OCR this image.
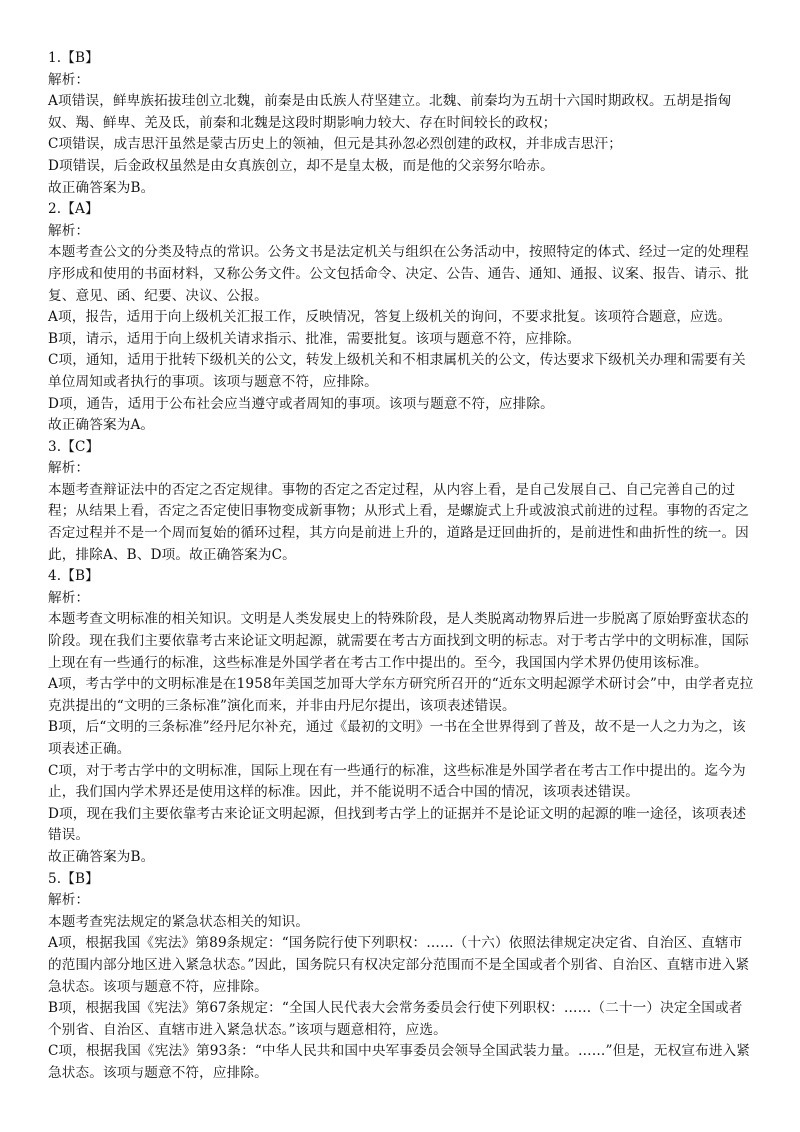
1.【B】
解析：
A项错误，鲜卑族拓拔珪创立北魏，前秦是由氐族人苻坚建立。北魏、前秦均为五胡十六国时期政权。五胡是指匈奴、羯、鲜卑、羌及氐，前秦和北魏是这段时期影响力较大、存在时间较长的政权；
C项错误，成吉思汗虽然是蒙古历史上的领袖，但元是其孙忽必烈创建的政权，并非成吉思汗；
D项错误，后金政权虽然是由女真族创立，却不是皇太极，而是他的父亲努尔哈赤。
故正确答案为B。
2.【A】
解析：
本题考查公文的分类及特点的常识。公务文书是法定机关与组织在公务活动中，按照特定的体式、经过一定的处理程序形成和使用的书面材料，又称公务文件。公文包括命令、决定、公告、通告、通知、通报、议案、报告、请示、批复、意见、函、纪要、决议、公报。
A项，报告，适用于向上级机关汇报工作，反映情况，答复上级机关的询问，不要求批复。该项符合题意，应选。
B项，请示，适用于向上级机关请求指示、批准，需要批复。该项与题意不符，应排除。
C项，通知，适用于批转下级机关的公文，转发上级机关和不相隶属机关的公文，传达要求下级机关办理和需要有关单位周知或者执行的事项。该项与题意不符，应排除。
D项，通告，适用于公布社会应当遵守或者周知的事项。该项与题意不符，应排除。
故正确答案为A。
3.【C】
解析：
本题考查辩证法中的否定之否定规律。事物的否定之否定过程，从内容上看，是自己发展自己、自己完善自己的过程；从结果上看，否定之否定使旧事物变成新事物；从形式上看，是螺旋式上升或波浪式前进的过程。事物的否定之否定过程并不是一个周而复始的循环过程，其方向是前进上升的，道路是迂回曲折的，是前进性和曲折性的统一。因此，排除A、B、D项。故正确答案为C。
4.【B】
解析：
本题考查文明标准的相关知识。文明是人类发展史上的特殊阶段，是人类脱离动物界后进一步脱离了原始野蛮状态的阶段。现在我们主要依靠考古来论证文明起源，就需要在考古方面找到文明的标志。对于考古学中的文明标准，国际上现在有一些通行的标准，这些标准是外国学者在考古工作中提出的。至今，我国国内学术界仍使用该标准。
A项，考古学中的文明标准是在1958年美国芝加哥大学东方研究所召开的“近东文明起源学术研讨会”中，由学者克拉克洪提出的“文明的三条标准”演化而来，并非由丹尼尔提出，该项表述错误。
B项，后“文明的三条标准”经丹尼尔补充，通过《最初的文明》一书在全世界得到了普及，故不是一人之力为之，该项表述正确。
C项，对于考古学中的文明标准，国际上现在有一些通行的标准，这些标准是外国学者在考古工作中提出的。迄今为止，我们国内学术界还是使用这样的标准。因此，并不能说明不适合中国的情况，该项表述错误。
D项，现在我们主要依靠考古来论证文明起源，但找到考古学上的证据并不是论证文明的起源的唯一途径，该项表述错误。
故正确答案为B。
5.【B】
解析：
本题考查宪法规定的紧急状态相关的知识。
A项，根据我国《宪法》第89条规定：“国务院行使下列职权：……（十六）依照法律规定决定省、自治区、直辖市的范围内部分地区进入紧急状态。”因此，国务院只有权决定部分范围而不是全国或者个别省、自治区、直辖市进入紧急状态。该项与题意不符，应排除。
B项，根据我国《宪法》第67条规定：“全国人民代表大会常务委员会行使下列职权：……（二十一）决定全国或者个别省、自治区、直辖市进入紧急状态。”该项与题意相符，应选。
C项，根据我国《宪法》第93条：“中华人民共和国中央军事委员会领导全国武装力量。……”但是，无权宣布进入紧急状态。该项与题意不符，应排除。
